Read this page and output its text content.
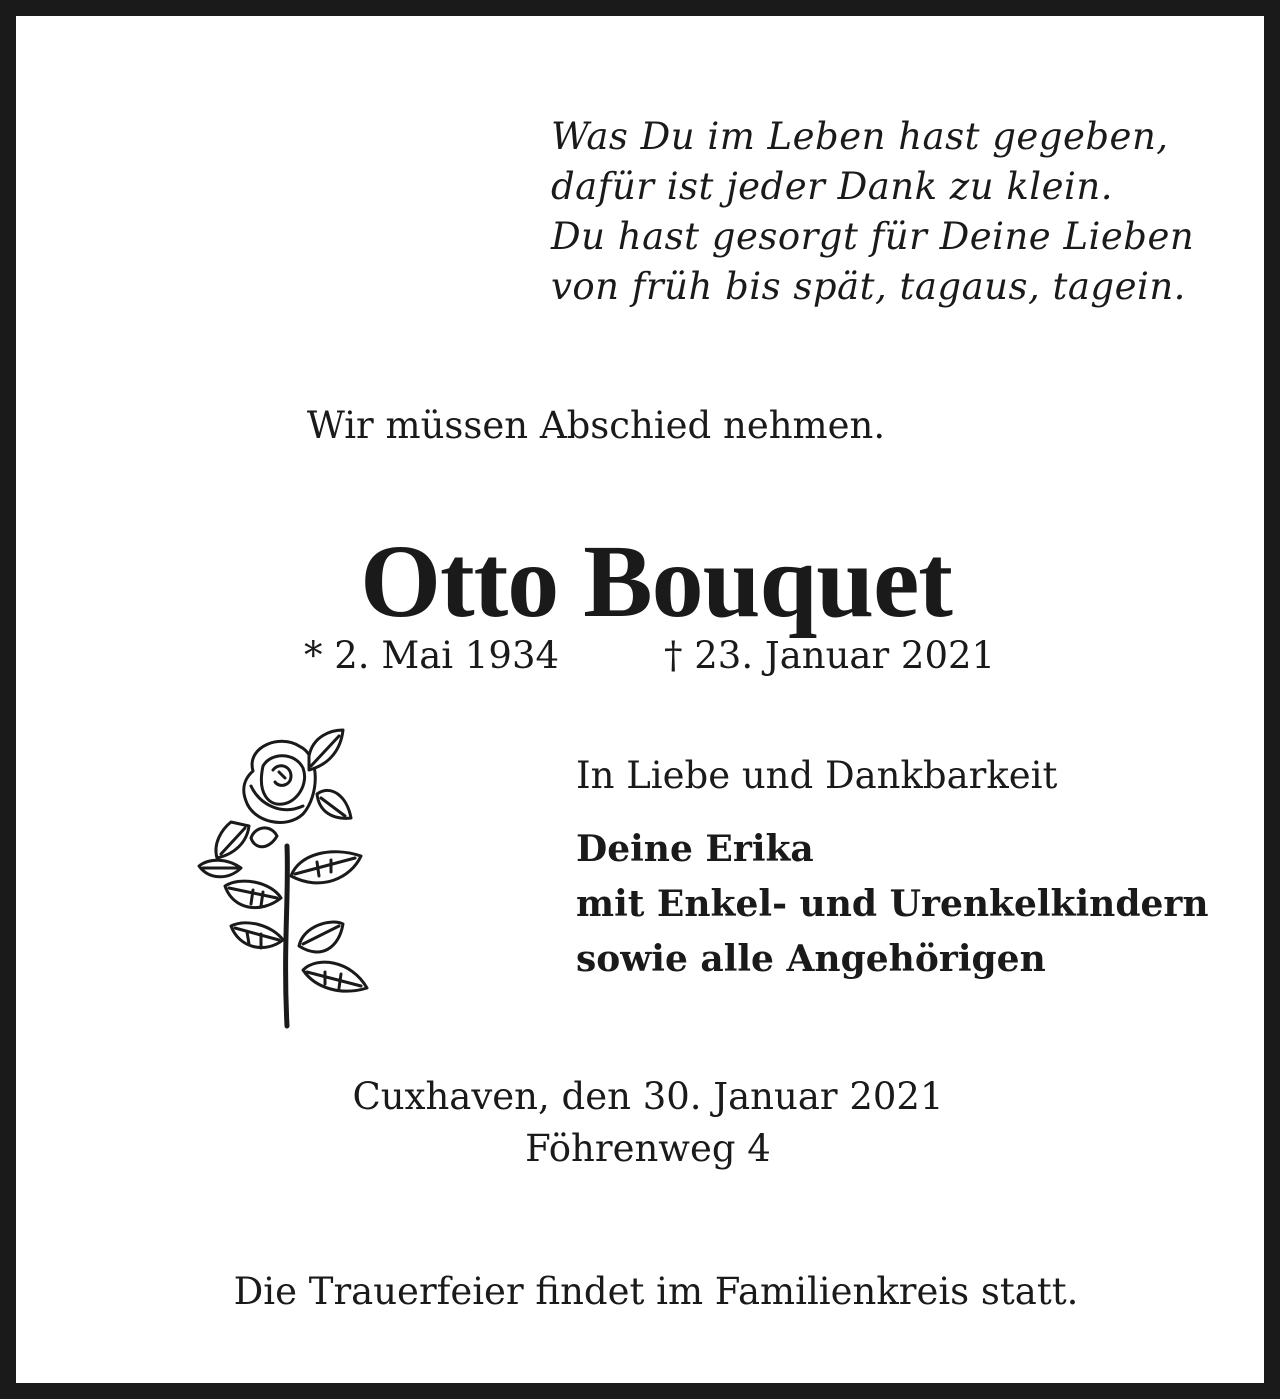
Was Du im Leben hast gegeben,
dafür ist jeder Dank zu klein.
Du hast gesorgt für Deine Lieben
von früh bis spät, tagaus, tagein.
Wir müssen Abschied nehmen.
Otto Bouquet
* 2. Mai 1934	† 23. Januar 2021
In Liebe und Dankbarkeit
Deine Erika
mit Enkel- und Urenkelkindern
sowie alle Angehörigen
Cuxhaven, den 30. Januar 2021
Föhrenweg 4
Die Trauerfeier findet im Familienkreis statt.
